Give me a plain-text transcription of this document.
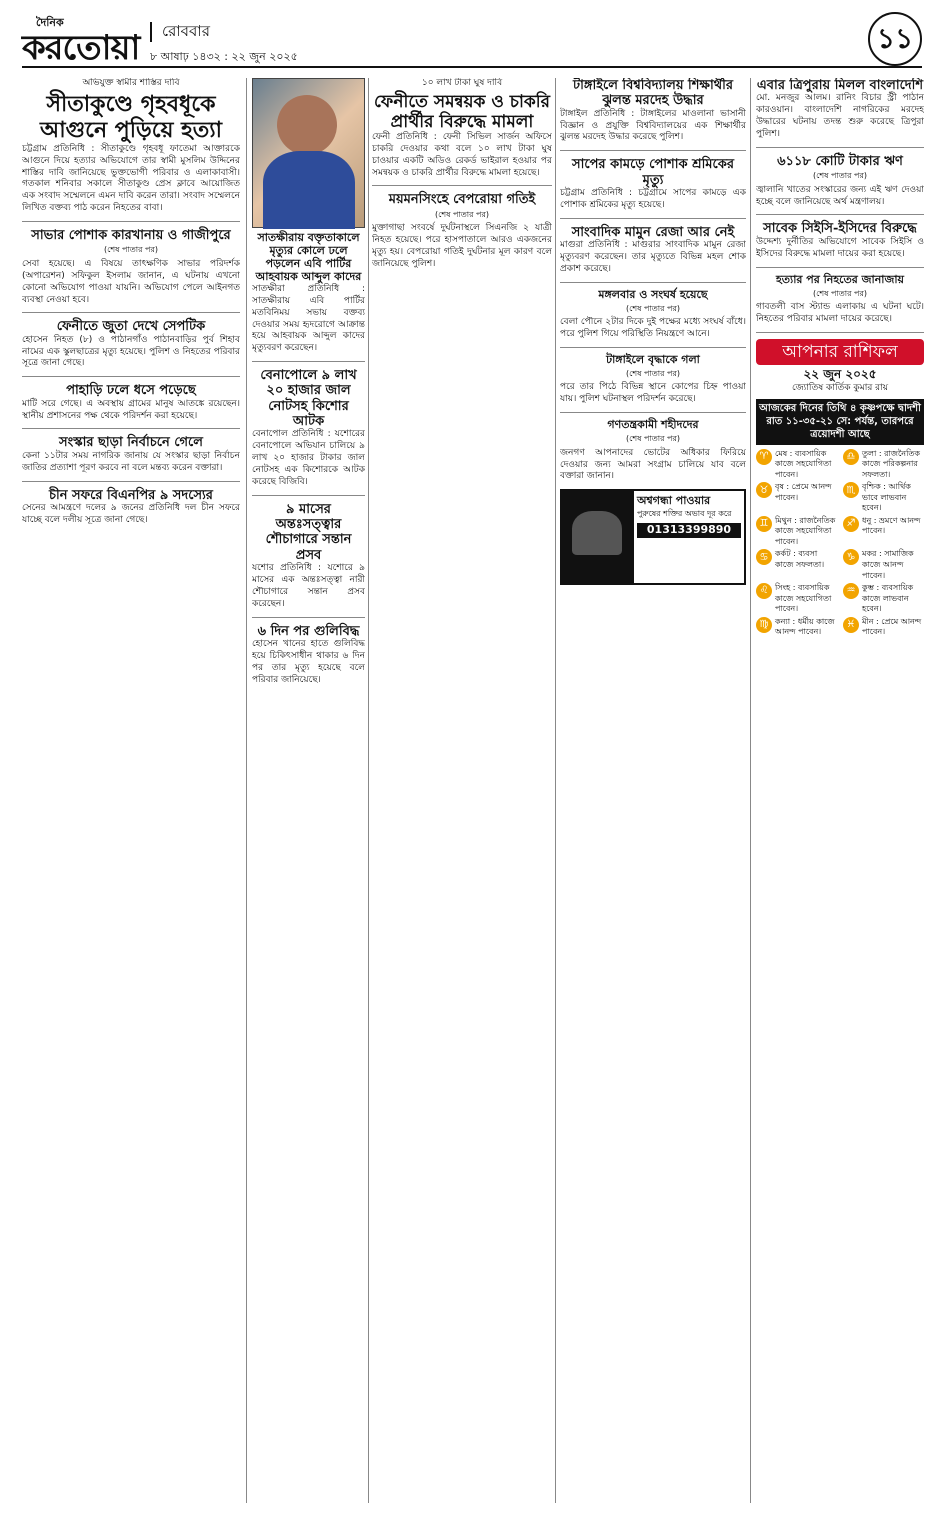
দৈনিক
করতোয়া	রোববার
৮ আষাঢ় ১৪৩২ : ২২ জুন ২০২৫
১১
অভিযুক্ত স্বামীর শাস্তির দাবি
সীতাকুণ্ডে গৃহবধূকে আগুনে পুড়িয়ে হত্যা

চট্টগ্রাম প্রতিনিধি : সীতাকুণ্ডে গৃহবধূ ফাতেমা আক্তারকে আগুনে দিয়ে হত্যার অভিযোগে তার স্বামী মুসলিম উদ্দিনের শাস্তির দাবি জানিয়েছে ভুক্তভোগী পরিবার ও এলাকাবাসী। গতকাল শনিবার সকালে সীতাকুণ্ড প্রেস ক্লাবে আয়োজিত এক সংবাদ সম্মেলনে এমন দাবি করেন তারা। সংবাদ সম্মেলনে লিখিত বক্তব্য পাঠ করেন নিহতের বাবা।

সাভার পোশাক কারখানায় ও গাজীপুরে
(শেষ পাতার পর)

সেবা হয়েছে। এ বিষয়ে তাৎক্ষণিক সাভার পরিদর্শক (অপারেশন) সফিকুল ইসলাম জানান, এ ঘটনায় এখনো কোনো অভিযোগ পাওয়া যায়নি। অভিযোগ পেলে আইনগত ব্যবস্থা নেওয়া হবে।

ফেনীতে জুতা দেখে সেপটিক

হোসেন নিহত (৮) ও পাঠানগাঁও পাঠানবাড়ির পুর্ব শিহাব নামের এক স্কুলছাত্রের মৃত্যু হয়েছে। পুলিশ ও নিহতের পরিবার সূত্রে জানা গেছে।

পাহাড়ি ঢলে ধসে পড়েছে

মাটি সরে গেছে। এ অবস্থায় গ্রামের মানুষ আতঙ্কে রয়েছেন। স্থানীয় প্রশাসনের পক্ষ থেকে পরিদর্শন করা হয়েছে।

সংস্কার ছাড়া নির্বাচনে গেলে

কেনা ১১টার সময় নাগরিক জানায় যে সংস্কার ছাড়া নির্বাচন জাতির প্রত্যাশা পূরণ করবে না বলে মন্তব্য করেন বক্তারা।

চীন সফরে বিএনপির ৯ সদস্যের

সেনের আমন্ত্রণে দলের ৯ জনের প্রতিনিধি দল চীন সফরে যাচ্ছে বলে দলীয় সূত্রে জানা গেছে।

সাতক্ষীরায় বক্তৃতাকালে মৃত্যুর কোলে ঢলে পড়লেন এবি পার্টির
আহবায়ক আব্দুল কাদের

সাতক্ষীরা প্রতিনিধি : সাতক্ষীরায় এবি পার্টির মতবিনিময় সভায় বক্তব্য দেওয়ার সময় হৃদরোগে আক্রান্ত হয়ে আহবায়ক আব্দুল কাদের মৃত্যুবরণ করেছেন।

বেনাপোলে ৯ লাখ ২০ হাজার জাল নোটসহ কিশোর আটক

বেনাপোল প্রতিনিধি : যশোরের বেনাপোলে অভিযান চালিয়ে ৯ লাখ ২০ হাজার টাকার জাল নোটসহ এক কিশোরকে আটক করেছে বিজিবি।

৯ মাসের অন্তঃসত্ত্বার শৌচাগারে সন্তান প্রসব

যশোর প্রতিনিধি : যশোরে ৯ মাসের এক অন্তঃসত্ত্বা নারী শৌচাগারে সন্তান প্রসব করেছেন।

৬ দিন পর গুলিবিদ্ধ

হোসেন খানের হাতে গুলিবিদ্ধ হয়ে চিকিৎসাধীন থাকার ৬ দিন পর তার মৃত্যু হয়েছে বলে পরিবার জানিয়েছে।

১০ লাখ টাকা ঘুষ দাবি
ফেনীতে সমন্বয়ক ও চাকরি প্রার্থীর বিরুদ্ধে মামলা

ফেনী প্রতিনিধি : ফেনী সিভিল সার্জন অফিসে চাকরি দেওয়ার কথা বলে ১০ লাখ টাকা ঘুষ চাওয়ার একটি অডিও রেকর্ড ভাইরাল হওয়ার পর সমন্বয়ক ও চাকরি প্রার্থীর বিরুদ্ধে মামলা হয়েছে।

ময়মনসিংহে বেপরোয়া গতিই
(শেষ পাতার পর)

মুক্তাগাছা সংবর্ষে দুর্ঘটনাস্থলে সিএনজি ২ যাত্রী নিহত হয়েছে। পরে হাসপাতালে আরও একজনের মৃত্যু হয়। বেপরোয়া গতিই দুর্ঘটনার মূল কারণ বলে জানিয়েছে পুলিশ।

টাঙ্গাইলে বিশ্ববিদ্যালয় শিক্ষার্থীর ঝুলন্ত মরদেহ উদ্ধার

টাঙ্গাইল প্রতিনিধি : টাঙ্গাইলের মাওলানা ভাসানী বিজ্ঞান ও প্রযুক্তি বিশ্ববিদ্যালয়ের এক শিক্ষার্থীর ঝুলন্ত মরদেহ উদ্ধার করেছে পুলিশ।

সাপের কামড়ে পোশাক শ্রমিকের মৃত্যু

চট্টগ্রাম প্রতিনিধি : চট্টগ্রামে সাপের কামড়ে এক পোশাক শ্রমিকের মৃত্যু হয়েছে।

সাংবাদিক মামুন রেজা আর নেই

মাগুরা প্রতিনিধি : মাগুরার সাংবাদিক মামুন রেজা মৃত্যুবরণ করেছেন। তার মৃত্যুতে বিভিন্ন মহল শোক প্রকাশ করেছে।

মঙ্গলবার ও সংঘর্ষ হয়েছে
(শেষ পাতার পর)

বেলা পৌনে ২টার দিকে দুই পক্ষের মধ্যে সংঘর্ষ বাঁধে। পরে পুলিশ গিয়ে পরিস্থিতি নিয়ন্ত্রণে আনে।

টাঙ্গাইলে বৃদ্ধাকে গলা
(শেষ পাতার পর)

পরে তার পিঠে বিভিন্ন স্থানে কোপের চিহ্ন পাওয়া যায়। পুলিশ ঘটনাস্থল পরিদর্শন করেছে।

গণতন্ত্রকামী শহীদদের
(শেষ পাতার পর)

জনগণ আপনাদের ভোটের অধিকার ফিরিয়ে দেওয়ার জন্য আমরা সংগ্রাম চালিয়ে যাব বলে বক্তারা জানান।

অশ্বগন্ধা পাওয়ার
পুরুষের শক্তির অভাব দূর করে
01313399890
এবার ত্রিপুরায় মিলল বাংলাদেশি

মো. মনজুর আলম। রানিং বিচার স্ট্রী পাঠান কারওয়ান। বাংলাদেশি নাগরিকের মরদেহ উদ্ধারের ঘটনায় তদন্ত শুরু করেছে ত্রিপুরা পুলিশ।

৬১১৮ কোটি টাকার ঋণ
(শেষ পাতার পর)

জ্বালানি খাতের সংস্কারের জন্য এই ঋণ দেওয়া হচ্ছে বলে জানিয়েছে অর্থ মন্ত্রণালয়।

সাবেক সিইসি-ইসিদের বিরুদ্ধে

উদ্দেশ্য দুর্নীতির অভিযোগে সাবেক সিইসি ও ইসিদের বিরুদ্ধে মামলা দায়ের করা হয়েছে।

হত্যার পর নিহতের জানাজায়
(শেষ পাতার পর)

গাবতলী বাস স্ট্যান্ড এলাকায় এ ঘটনা ঘটে। নিহতের পরিবার মামলা দায়ের করেছে।

আপনার রাশিফল
২২ জুন ২০২৫
জ্যোতিষ কার্তিক কুমার রায়
আজকের দিনের তিথি ৪ কৃষ্ণপক্ষে দ্বাদশী রাত ১১-৩৫-২১ সে: পর্যন্ত, তারপরে ত্রয়োদশী আছে
♈ মেষ : ব্যবসায়িক কাজে সহযোগিতা পাবেন।
♎ তুলা : রাজনৈতিক কাজে পরিকল্পনার সফলতা।
♉ বৃষ : প্রেমে আনন্দ পাবেন।
♏ বৃশ্চিক : আর্থিক ভাবে লাভবান হবেন।
♊ মিথুন : রাজনৈতিক কাজে সহযোগিতা পাবেন।
♐ ধনু : ভ্রমণে আনন্দ পাবেন।
♋ কর্কট : ব্যবসা কাজে সফলতা।
♑ মকর : সামাজিক কাজে আনন্দ পাবেন।
♌ সিংহ : ব্যবসায়িক কাজে সহযোগিতা পাবেন।
♒ কুম্ভ : ব্যবসায়িক কাজে লাভবান হবেন।
♍ কন্যা : ধর্মীয় কাজে আনন্দ পাবেন।
♓ মীন : প্রেমে আনন্দ পাবেন।
